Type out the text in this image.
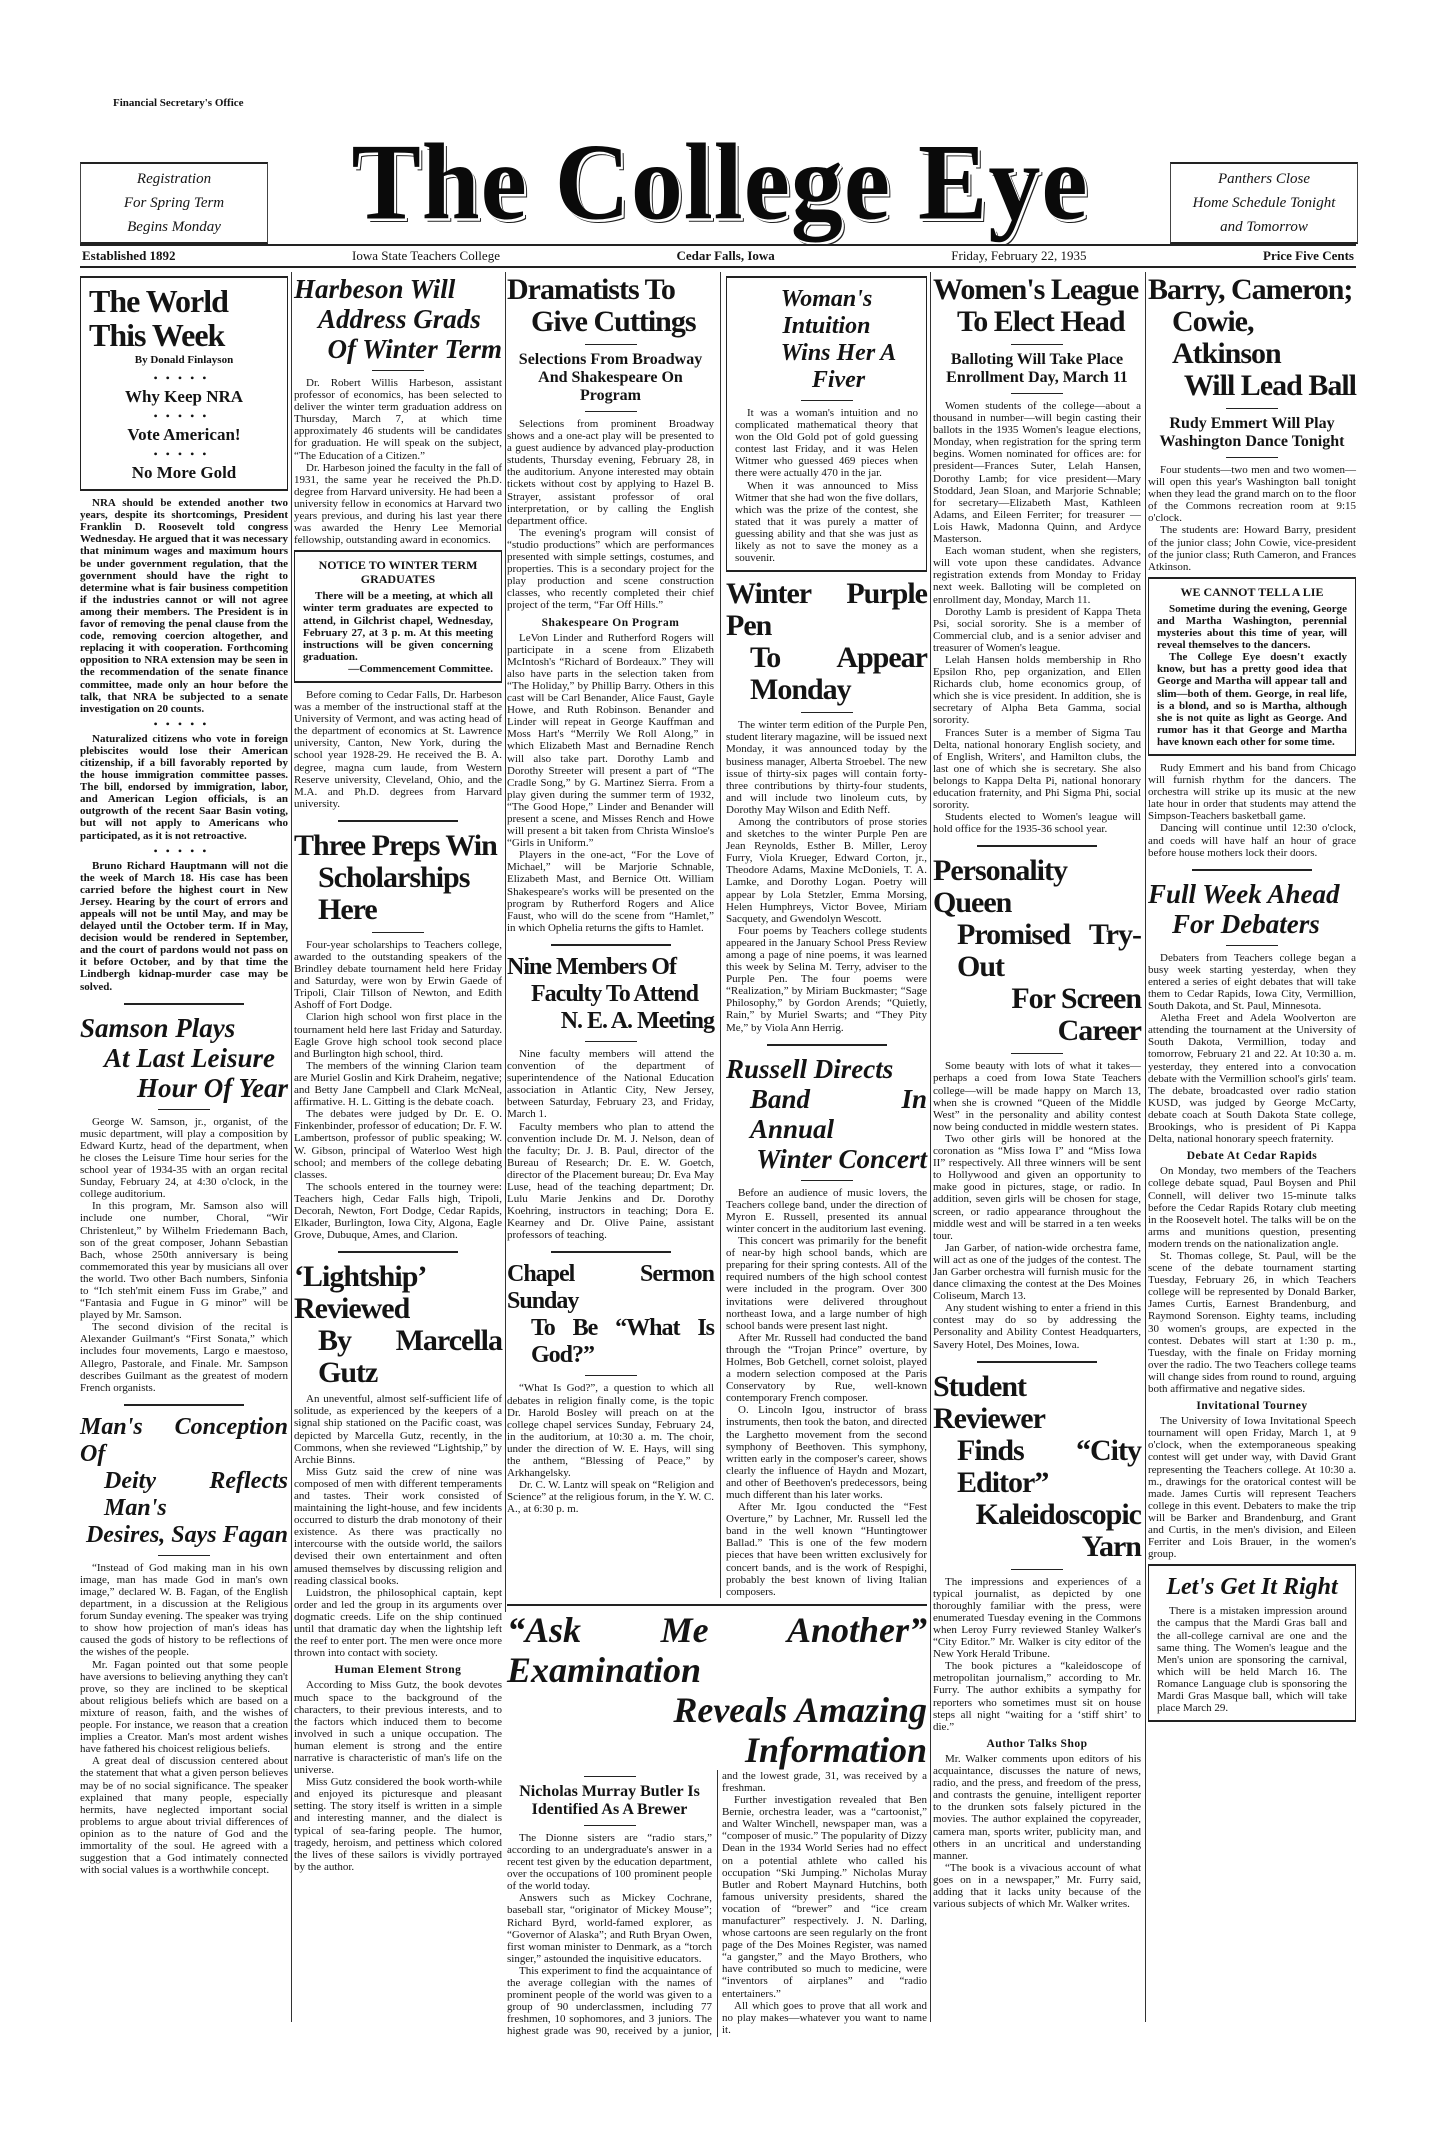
Financial Secretary's Office
Registration
For Spring Term
Begins Monday	The College Eye	Panthers Close
Home Schedule Tonight
and Tomorrow
Established 1892	Iowa State Teachers College	Cedar Falls, Iowa	Friday, February 22, 1935	Price Five Cents
The World
This Week
By Donald Finlayson
•••••
Why Keep NRA
•••••
Vote American!
•••••
No More Gold

NRA should be extended another two years, despite its shortcomings, President Franklin D. Roosevelt told congress Wednesday. He argued that it was necessary that minimum wages and maximum hours be under government regulation, that the government should have the right to determine what is fair business competition if the industries cannot or will not agree among their members. The President is in favor of removing the penal clause from the code, removing coercion altogether, and replacing it with cooperation. Forthcoming opposition to NRA extension may be seen in the recommendation of the senate finance committee, made only an hour before the talk, that NRA be subjected to a senate investigation on 20 counts.

•••••

Naturalized citizens who vote in foreign plebiscites would lose their American citizenship, if a bill favorably reported by the house immigration committee passes. The bill, endorsed by immigration, labor, and American Legion officials, is an outgrowth of the recent Saar Basin voting, but will not apply to Americans who participated, as it is not retroactive.

•••••

Bruno Richard Hauptmann will not die the week of March 18. His case has been carried before the highest court in New Jersey. Hearing by the court of errors and appeals will not be until May, and may be delayed until the October term. If in May, decision would be rendered in September, and the court of pardons would not pass on it before October, and by that time the Lindbergh kidnap-murder case may be solved.

Samson Plays
At Last Leisure
Hour Of Year

George W. Samson, jr., organist, of the music department, will play a composition by Edward Kurtz, head of the department, when he closes the Leisure Time hour series for the school year of 1934-35 with an organ recital Sunday, February 24, at 4:30 o'clock, in the college auditorium.

In this program, Mr. Samson also will include one number, Choral, “Wir Christenleut,” by Wilhelm Friedemann Bach, son of the great composer, Johann Sebastian Bach, whose 250th anniversary is being commemorated this year by musicians all over the world. Two other Bach numbers, Sinfonia to “Ich steh'mit einem Fuss im Grabe,” and “Fantasia and Fugue in G minor” will be played by Mr. Samson.

The second division of the recital is Alexander Guilmant's “First Sonata,” which includes four movements, Largo e maestoso, Allegro, Pastorale, and Finale. Mr. Sampson describes Guilmant as the greatest of modern French organists.

Man's Conception Of
Deity Reflects Man's
Desires, Says Fagan

“Instead of God making man in his own image, man has made God in man's own image,” declared W. B. Fagan, of the English department, in a discussion at the Religious forum Sunday evening. The speaker was trying to show how projection of man's ideas has caused the gods of history to be reflections of the wishes of the people.

Mr. Fagan pointed out that some people have aversions to believing anything they can't prove, so they are inclined to be skeptical about religious beliefs which are based on a mixture of reason, faith, and the wishes of people. For instance, we reason that a creation implies a Creator. Man's most ardent wishes have fathered his choicest religious beliefs.

A great deal of discussion centered about the statement that what a given person believes may be of no social significance. The speaker explained that many people, especially hermits, have neglected important social problems to argue about trivial differences of opinion as to the nature of God and the immortality of the soul. He agreed with a suggestion that a God intimately connected with social values is a worthwhile concept.

Harbeson Will
Address Grads
Of Winter Term

Dr. Robert Willis Harbeson, assistant professor of economics, has been selected to deliver the winter term graduation address on Thursday, March 7, at which time approximately 46 students will be candidates for graduation. He will speak on the subject, “The Education of a Citizen.”

Dr. Harbeson joined the faculty in the fall of 1931, the same year he received the Ph.D. degree from Harvard university. He had been a university fellow in economics at Harvard two years previous, and during his last year there was awarded the Henry Lee Memorial fellowship, outstanding award in economics.

NOTICE TO WINTER TERM GRADUATES

There will be a meeting, at which all winter term graduates are expected to attend, in Gilchrist chapel, Wednesday, February 27, at 3 p. m. At this meeting instructions will be given concerning graduation.

—Commencement Committee.

Before coming to Cedar Falls, Dr. Harbeson was a member of the instructional staff at the University of Vermont, and was acting head of the department of economics at St. Lawrence university, Canton, New York, during the school year 1928-29. He received the B. A. degree, magna cum laude, from Western Reserve university, Cleveland, Ohio, and the M.A. and Ph.D. degrees from Harvard university.

Three Preps Win
Scholarships Here

Four-year scholarships to Teachers college, awarded to the outstanding speakers of the Brindley debate tournament held here Friday and Saturday, were won by Erwin Gaede of Tripoli, Clair Tillson of Newton, and Edith Ashoff of Fort Dodge.

Clarion high school won first place in the tournament held here last Friday and Saturday. Eagle Grove high school took second place and Burlington high school, third.

The members of the winning Clarion team are Muriel Goslin and Kirk Draheim, negative; and Betty Jane Campbell and Clark McNeal, affirmative. H. L. Gitting is the debate coach.

The debates were judged by Dr. E. O. Finkenbinder, professor of education; Dr. F. W. Lambertson, professor of public speaking; W. W. Gibson, principal of Waterloo West high school; and members of the college debating classes.

The schools entered in the tourney were: Teachers high, Cedar Falls high, Tripoli, Decorah, Newton, Fort Dodge, Cedar Rapids, Elkader, Burlington, Iowa City, Algona, Eagle Grove, Dubuque, Ames, and Clarion.

‘Lightship’ Reviewed
By Marcella Gutz

An uneventful, almost self-sufficient life of solitude, as experienced by the keepers of a signal ship stationed on the Pacific coast, was depicted by Marcella Gutz, recently, in the Commons, when she reviewed “Lightship,” by Archie Binns.

Miss Gutz said the crew of nine was composed of men with different temperaments and tastes. Their work consisted of maintaining the light-house, and few incidents occurred to disturb the drab monotony of their existence. As there was practically no intercourse with the outside world, the sailors devised their own entertainment and often amused themselves by discussing religion and reading classical books.

Luidstron, the philosophical captain, kept order and led the group in its arguments over dogmatic creeds. Life on the ship continued until that dramatic day when the lightship left the reef to enter port. The men were once more thrown into contact with society.

Human Element Strong

According to Miss Gutz, the book devotes much space to the background of the characters, to their previous interests, and to the factors which induced them to become involved in such a unique occupation. The human element is strong and the entire narrative is characteristic of man's life on the universe.

Miss Gutz considered the book worth-while and enjoyed its picturesque and pleasant setting. The story itself is written in a simple and interesting manner, and the dialect is typical of sea-faring people. The humor, tragedy, heroism, and pettiness which colored the lives of these sailors is vividly portrayed by the author.

Dramatists To
Give Cuttings
Selections From Broadway And Shakespeare On Program

Selections from prominent Broadway shows and a one-act play will be presented to a guest audience by advanced play-production students, Thursday evening, February 28, in the auditorium. Anyone interested may obtain tickets without cost by applying to Hazel B. Strayer, assistant professor of oral interpretation, or by calling the English department office.

The evening's program will consist of “studio productions” which are performances presented with simple settings, costumes, and properties. This is a secondary project for the play production and scene construction classes, who recently completed their chief project of the term, “Far Off Hills.”

Shakespeare On Program

LeVon Linder and Rutherford Rogers will participate in a scene from Elizabeth McIntosh's “Richard of Bordeaux.” They will also have parts in the selection taken from “The Holiday,” by Phillip Barry. Others in this cast will be Carl Benander, Alice Faust, Gayle Howe, and Ruth Robinson. Benander and Linder will repeat in George Kauffman and Moss Hart's “Merrily We Roll Along,” in which Elizabeth Mast and Bernadine Rench will also take part. Dorothy Lamb and Dorothy Streeter will present a part of “The Cradle Song,” by G. Martinez Sierra. From a play given during the summer term of 1932, “The Good Hope,” Linder and Benander will present a scene, and Misses Rench and Howe will present a bit taken from Christa Winsloe's “Girls in Uniform.”

Players in the one-act, “For the Love of Michael,” will be Marjorie Schnable, Elizabeth Mast, and Bernice Ott. William Shakespeare's works will be presented on the program by Rutherford Rogers and Alice Faust, who will do the scene from “Hamlet,” in which Ophelia returns the gifts to Hamlet.

Nine Members Of
Faculty To Attend
N. E. A. Meeting

Nine faculty members will attend the convention of the department of superintendence of the National Education association in Atlantic City, New Jersey, between Saturday, February 23, and Friday, March 1.

Faculty members who plan to attend the convention include Dr. M. J. Nelson, dean of the faculty; Dr. J. B. Paul, director of the Bureau of Research; Dr. E. W. Goetch, director of the Placement bureau; Dr. Eva May Luse, head of the teaching department; Dr. Lulu Marie Jenkins and Dr. Dorothy Koehring, instructors in teaching; Dora E. Kearney and Dr. Olive Paine, assistant professors of teaching.

Chapel Sermon Sunday
To Be “What Is God?”

“What Is God?”, a question to which all debates in religion finally come, is the topic Dr. Harold Bosley will preach on at the college chapel services Sunday, February 24, in the auditorium, at 10:30 a. m. The choir, under the direction of W. E. Hays, will sing the anthem, “Blessing of Peace,” by Arkhangelsky.

Dr. C. W. Lantz will speak on “Religion and Science” at the religious forum, in the Y. W. C. A., at 6:30 p. m.

Woman's Intuition
Wins Her A Fiver

It was a woman's intuition and no complicated mathematical theory that won the Old Gold pot of gold guessing contest last Friday, and it was Helen Witmer who guessed 469 pieces when there were actually 470 in the jar.

When it was announced to Miss Witmer that she had won the five dollars, which was the prize of the contest, she stated that it was purely a matter of guessing ability and that she was just as likely as not to save the money as a souvenir.

Winter Purple Pen
To Appear Monday

The winter term edition of the Purple Pen, student literary magazine, will be issued next Monday, it was announced today by the business manager, Alberta Stroebel. The new issue of thirty-six pages will contain forty-three contributions by thirty-four students, and will include two linoleum cuts, by Dorothy May Wilson and Edith Neff.

Among the contributors of prose stories and sketches to the winter Purple Pen are Jean Reynolds, Esther B. Miller, Leroy Furry, Viola Krueger, Edward Corton, jr., Theodore Adams, Maxine McDoniels, T. A. Lamke, and Dorothy Logan. Poetry will appear by Lola Stetzler, Emma Morsing, Helen Humphreys, Victor Bovee, Miriam Sacquety, and Gwendolyn Wescott.

Four poems by Teachers college students appeared in the January School Press Review among a page of nine poems, it was learned this week by Selina M. Terry, adviser to the Purple Pen. The four poems were “Realization,” by Miriam Buckmaster; “Sage Philosophy,” by Gordon Arends; “Quietly, Rain,” by Muriel Swarts; and “They Pity Me,” by Viola Ann Herrig.

Russell Directs
Band In Annual
Winter Concert

Before an audience of music lovers, the Teachers college band, under the direction of Myron E. Russell, presented its annual winter concert in the auditorium last evening.

This concert was primarily for the benefit of near-by high school bands, which are preparing for their spring contests. All of the required numbers of the high school contest were included in the program. Over 300 invitations were delivered throughout northeast Iowa, and a large number of high school bands were present last night.

After Mr. Russell had conducted the band through the “Trojan Prince” overture, by Holmes, Bob Getchell, cornet soloist, played a modern selection composed at the Paris Conservatory by Rue, well-known contemporary French composer.

O. Lincoln Igou, instructor of brass instruments, then took the baton, and directed the Larghetto movement from the second symphony of Beethoven. This symphony, written early in the composer's career, shows clearly the influence of Haydn and Mozart, and other of Beethoven's predecessors, being much different than his later works.

After Mr. Igou conducted the “Fest Overture,” by Lachner, Mr. Russell led the band in the well known “Huntingtower Ballad.” This is one of the few modern pieces that have been written exclusively for concert bands, and is the work of Respighi, probably the best known of living Italian composers.

“Ask Me Another” Examination
Reveals Amazing Information
Nicholas Murray Butler Is Identified As A Brewer

The Dionne sisters are “radio stars,” according to an undergraduate's answer in a recent test given by the education department, over the occupations of 100 prominent people of the world today.

Answers such as Mickey Cochrane, baseball star, “originator of Mickey Mouse”; Richard Byrd, world-famed explorer, as “Governor of Alaska”; and Ruth Bryan Owen, first woman minister to Denmark, as a “torch singer,” astounded the inquisitive educators.

This experiment to find the acquaintance of the average collegian with the names of prominent people of the world was given to a group of 90 underclassmen, including 77 freshmen, 10 sophomores, and 3 juniors. The highest grade was 90, received by a junior, and the lowest grade, 31, was received by a freshman.

Further investigation revealed that Ben Bernie, orchestra leader, was a “cartoonist,” and Walter Winchell, newspaper man, was a “composer of music.” The popularity of Dizzy Dean in the 1934 World Series had no effect on a potential athlete who called his occupation “Ski Jumping.” Nicholas Muray Butler and Robert Maynard Hutchins, both famous university presidents, shared the vocation of “brewer” and “ice cream manufacturer” respectively. J. N. Darling, whose cartoons are seen regularly on the front page of the Des Moines Register, was named “a gangster,” and the Mayo Brothers, who have contributed so much to medicine, were “inventors of airplanes” and “radio entertainers.”

All which goes to prove that all work and no play makes—whatever you want to name it.

Women's League
To Elect Head
Balloting Will Take Place Enrollment Day, March 11

Women students of the college—about a thousand in number—will begin casting their ballots in the 1935 Women's league elections, Monday, when registration for the spring term begins. Women nominated for offices are: for president—Frances Suter, Lelah Hansen, Dorothy Lamb; for vice president—Mary Stoddard, Jean Sloan, and Marjorie Schnable; for secretary—Elizabeth Mast, Kathleen Adams, and Eileen Ferriter; for treasurer — Lois Hawk, Madonna Quinn, and Ardyce Masterson.

Each woman student, when she registers, will vote upon these candidates. Advance registration extends from Monday to Friday next week. Balloting will be completed on enrollment day, Monday, March 11.

Dorothy Lamb is president of Kappa Theta Psi, social sorority. She is a member of Commercial club, and is a senior adviser and treasurer of Women's league.

Lelah Hansen holds membership in Rho Epsilon Rho, pep organization, and Ellen Richards club, home economics group, of which she is vice president. In addition, she is secretary of Alpha Beta Gamma, social sorority.

Frances Suter is a member of Sigma Tau Delta, national honorary English society, and of English, Writers', and Hamilton clubs, the last one of which she is secretary. She also belongs to Kappa Delta Pi, national honorary education fraternity, and Phi Sigma Phi, social sorority.

Students elected to Women's league will hold office for the 1935-36 school year.

Personality Queen
Promised Try-Out
For Screen Career

Some beauty with lots of what it takes—perhaps a coed from Iowa State Teachers college—will be made happy on March 13, when she is crowned “Queen of the Middle West” in the personality and ability contest now being conducted in middle western states.

Two other girls will be honored at the coronation as “Miss Iowa I” and “Miss Iowa II” respectively. All three winners will be sent to Hollywood and given an opportunity to make good in pictures, stage, or radio. In addition, seven girls will be chosen for stage, screen, or radio appearance throughout the middle west and will be starred in a ten weeks tour.

Jan Garber, of nation-wide orchestra fame, will act as one of the judges of the contest. The Jan Garber orchestra will furnish music for the dance climaxing the contest at the Des Moines Coliseum, March 13.

Any student wishing to enter a friend in this contest may do so by addressing the Personality and Ability Contest Headquarters, Savery Hotel, Des Moines, Iowa.

Student Reviewer
Finds “City Editor”
Kaleidoscopic Yarn

The impressions and experiences of a typical journalist, as depicted by one thoroughly familiar with the press, were enumerated Tuesday evening in the Commons when Leroy Furry reviewed Stanley Walker's “City Editor.” Mr. Walker is city editor of the New York Herald Tribune.

The book pictures a “kaleidoscope of metropolitan journalism,” according to Mr. Furry. The author exhibits a sympathy for reporters who sometimes must sit on house steps all night “waiting for a ‘stiff shirt’ to die.”

Author Talks Shop

Mr. Walker comments upon editors of his acquaintance, discusses the nature of news, radio, and the press, and freedom of the press, and contrasts the genuine, intelligent reporter to the drunken sots falsely pictured in the movies. The author explained the copyreader, camera man, sports writer, publicity man, and others in an uncritical and understanding manner.

“The book is a vivacious account of what goes on in a newspaper,” Mr. Furry said, adding that it lacks unity because of the various subjects of which Mr. Walker writes.

Barry, Cameron;
Cowie, Atkinson
Will Lead Ball
Rudy Emmert Will Play Washington Dance Tonight

Four students—two men and two women—will open this year's Washington ball tonight when they lead the grand march on to the floor of the Commons recreation room at 9:15 o'clock.

The students are: Howard Barry, president of the junior class; John Cowie, vice-president of the junior class; Ruth Cameron, and Frances Atkinson.

WE CANNOT TELL A LIE

Sometime during the evening, George and Martha Washington, perennial mysteries about this time of year, will reveal themselves to the dancers.

The College Eye doesn't exactly know, but has a pretty good idea that George and Martha will appear tall and slim—both of them. George, in real life, is a blond, and so is Martha, although she is not quite as light as George. And rumor has it that George and Martha have known each other for some time.

Rudy Emmert and his band from Chicago will furnish rhythm for the dancers. The orchestra will strike up its music at the new late hour in order that students may attend the Simpson-Teachers basketball game.

Dancing will continue until 12:30 o'clock, and coeds will have half an hour of grace before house mothers lock their doors.

Full Week Ahead
For Debaters

Debaters from Teachers college began a busy week starting yesterday, when they entered a series of eight debates that will take them to Cedar Rapids, Iowa City, Vermillion, South Dakota, and St. Paul, Minnesota.

Aletha Freet and Adela Woolverton are attending the tournament at the University of South Dakota, Vermillion, today and tomorrow, February 21 and 22. At 10:30 a. m. yesterday, they entered into a convocation debate with the Vermillion school's girls' team. The debate, broadcasted over radio station KUSD, was judged by George McCarty, debate coach at South Dakota State college, Brookings, who is president of Pi Kappa Delta, national honorary speech fraternity.

Debate At Cedar Rapids

On Monday, two members of the Teachers college debate squad, Paul Boysen and Phil Connell, will deliver two 15-minute talks before the Cedar Rapids Rotary club meeting in the Roosevelt hotel. The talks will be on the arms and munitions question, presenting modern trends on the nationalization angle.

St. Thomas college, St. Paul, will be the scene of the debate tournament starting Tuesday, February 26, in which Teachers college will be represented by Donald Barker, James Curtis, Earnest Brandenburg, and Raymond Sorenson. Eighty teams, including 30 women's groups, are expected in the contest. Debates will start at 1:30 p. m., Tuesday, with the finale on Friday morning over the radio. The two Teachers college teams will change sides from round to round, arguing both affirmative and negative sides.

Invitational Tourney

The University of Iowa Invitational Speech tournament will open Friday, March 1, at 9 o'clock, when the extemporaneous speaking contest will get under way, with David Grant representing the Teachers college. At 10:30 a. m., drawings for the oratorical contest will be made. James Curtis will represent Teachers college in this event. Debaters to make the trip will be Barker and Brandenburg, and Grant and Curtis, in the men's division, and Eileen Ferriter and Lois Brauer, in the women's group.

Let's Get It Right

There is a mistaken impression around the campus that the Mardi Gras ball and the all-college carnival are one and the same thing. The Women's league and the Men's union are sponsoring the carnival, which will be held March 16. The Romance Language club is sponsoring the Mardi Gras Masque ball, which will take place March 29.
